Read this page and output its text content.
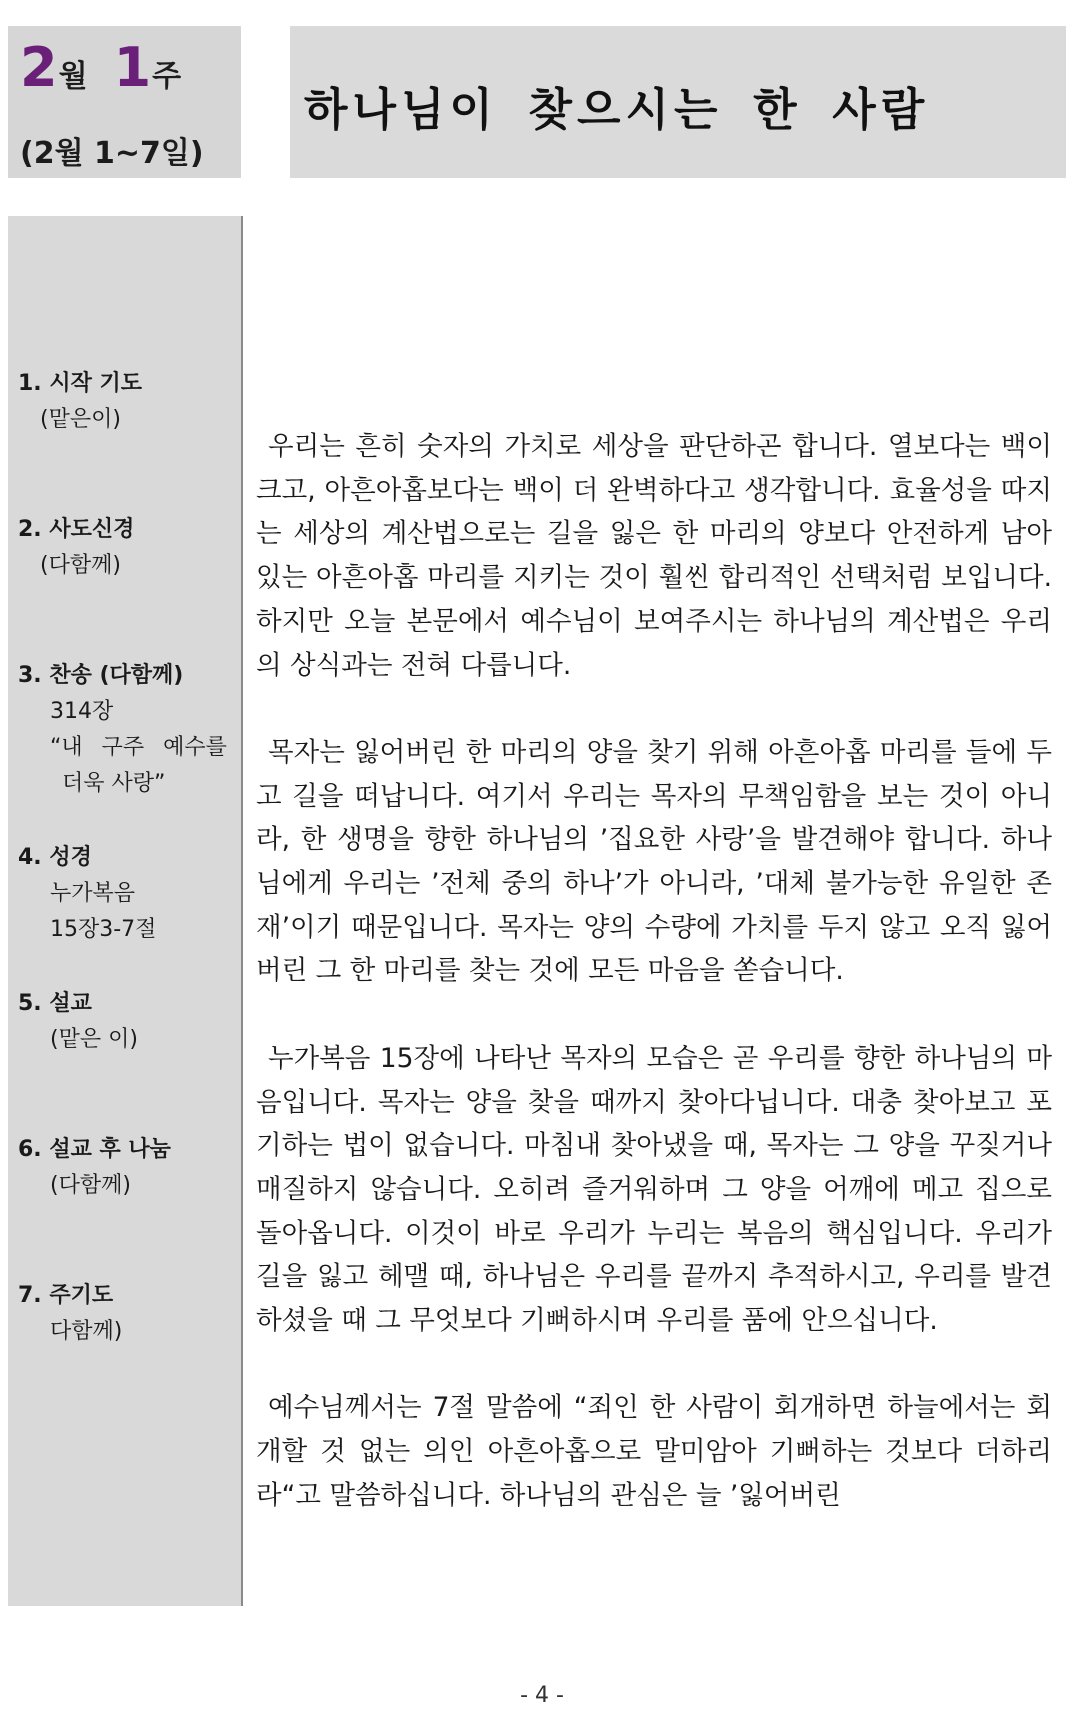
2월 1주
(2월 1~7일)
하나님이 찾으시는 한 사람
1. 시작 기도
(맡은이)
2. 사도신경
(다함께)
3. 찬송 (다함께)
314장
“내 구주 예수를
더욱 사랑”
4. 성경
누가복음
15장3-7절
5. 설교
(맡은 이)
6. 설교 후 나눔
(다함께)
7. 주기도
다함께)

우리는 흔히 숫자의 가치로 세상을 판단하곤 합니다. 열보다는 백이 크고, 아흔아홉보다는 백이 더 완벽하다고 생각합니다. 효율성을 따지는 세상의 계산법으로는 길을 잃은 한 마리의 양보다 안전하게 남아 있는 아흔아홉 마리를 지키는 것이 훨씬 합리적인 선택처럼 보입니다. 하지만 오늘 본문에서 예수님이 보여주시는 하나님의 계산법은 우리의 상식과는 전혀 다릅니다.

목자는 잃어버린 한 마리의 양을 찾기 위해 아흔아홉 마리를 들에 두고 길을 떠납니다. 여기서 우리는 목자의 무책임함을 보는 것이 아니라, 한 생명을 향한 하나님의 ’집요한 사랑’을 발견해야 합니다. 하나님에게 우리는 ’전체 중의 하나’가 아니라, ’대체 불가능한 유일한 존재’이기 때문입니다. 목자는 양의 수량에 가치를 두지 않고 오직 잃어버린 그 한 마리를 찾는 것에 모든 마음을 쏟습니다.

누가복음 15장에 나타난 목자의 모습은 곧 우리를 향한 하나님의 마음입니다. 목자는 양을 찾을 때까지 찾아다닙니다. 대충 찾아보고 포기하는 법이 없습니다. 마침내 찾아냈을 때, 목자는 그 양을 꾸짖거나 매질하지 않습니다. 오히려 즐거워하며 그 양을 어깨에 메고 집으로 돌아옵니다. 이것이 바로 우리가 누리는 복음의 핵심입니다. 우리가 길을 잃고 헤맬 때, 하나님은 우리를 끝까지 추적하시고, 우리를 발견하셨을 때 그 무엇보다 기뻐하시며 우리를 품에 안으십니다.

예수님께서는 7절 말씀에 “죄인 한 사람이 회개하면 하늘에서는 회개할 것 없는 의인 아흔아홉으로 말미암아 기뻐하는 것보다 더하리라“고 말씀하십니다. 하나님의 관심은 늘 ’잃어버린

- 4 -
